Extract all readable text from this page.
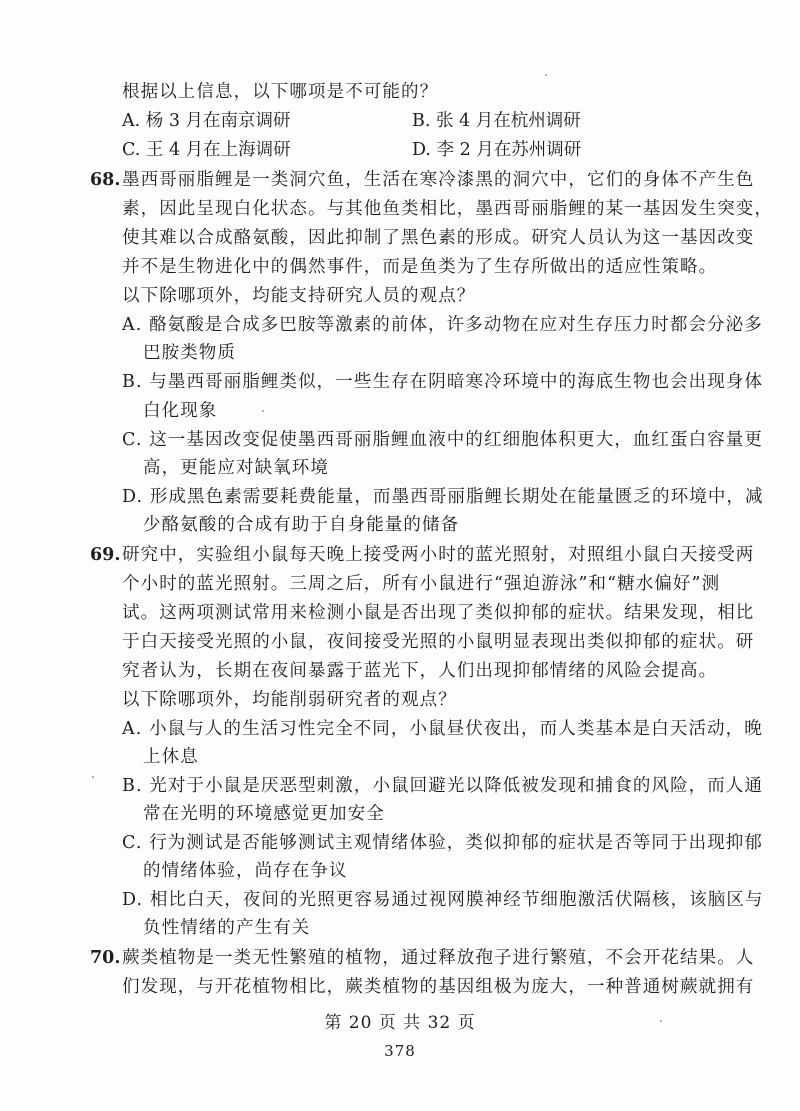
根据以上信息，以下哪项是不可能的？
A. 杨 3 月在南京调研	B. 张 4 月在杭州调研
C. 王 4 月在上海调研	D. 李 2 月在苏州调研
68. 墨西哥丽脂鲤是一类洞穴鱼，生活在寒冷漆黑的洞穴中，它们的身体不产生色
素，因此呈现白化状态。与其他鱼类相比，墨西哥丽脂鲤的某一基因发生突变，
使其难以合成酪氨酸，因此抑制了黑色素的形成。研究人员认为这一基因改变
并不是生物进化中的偶然事件，而是鱼类为了生存所做出的适应性策略。
以下除哪项外，均能支持研究人员的观点？
A. 酪氨酸是合成多巴胺等激素的前体，许多动物在应对生存压力时都会分泌多
巴胺类物质
B. 与墨西哥丽脂鲤类似，一些生存在阴暗寒冷环境中的海底生物也会出现身体
白化现象
C. 这一基因改变促使墨西哥丽脂鲤血液中的红细胞体积更大，血红蛋白容量更
高，更能应对缺氧环境
D. 形成黑色素需要耗费能量，而墨西哥丽脂鲤长期处在能量匮乏的环境中，减
少酪氨酸的合成有助于自身能量的储备
69. 研究中，实验组小鼠每天晚上接受两小时的蓝光照射，对照组小鼠白天接受两
个小时的蓝光照射。三周之后，所有小鼠进行“强迫游泳”和“糖水偏好”测
试。这两项测试常用来检测小鼠是否出现了类似抑郁的症状。结果发现，相比
于白天接受光照的小鼠，夜间接受光照的小鼠明显表现出类似抑郁的症状。研
究者认为，长期在夜间暴露于蓝光下，人们出现抑郁情绪的风险会提高。
以下除哪项外，均能削弱研究者的观点？
A. 小鼠与人的生活习性完全不同，小鼠昼伏夜出，而人类基本是白天活动，晚
上休息
B. 光对于小鼠是厌恶型刺激，小鼠回避光以降低被发现和捕食的风险，而人通
常在光明的环境感觉更加安全
C. 行为测试是否能够测试主观情绪体验，类似抑郁的症状是否等同于出现抑郁
的情绪体验，尚存在争议
D. 相比白天，夜间的光照更容易通过视网膜神经节细胞激活伏隔核，该脑区与
负性情绪的产生有关
70. 蕨类植物是一类无性繁殖的植物，通过释放孢子进行繁殖，不会开花结果。人
们发现，与开花植物相比，蕨类植物的基因组极为庞大，一种普通树蕨就拥有
第 20 页 共 32 页
378
